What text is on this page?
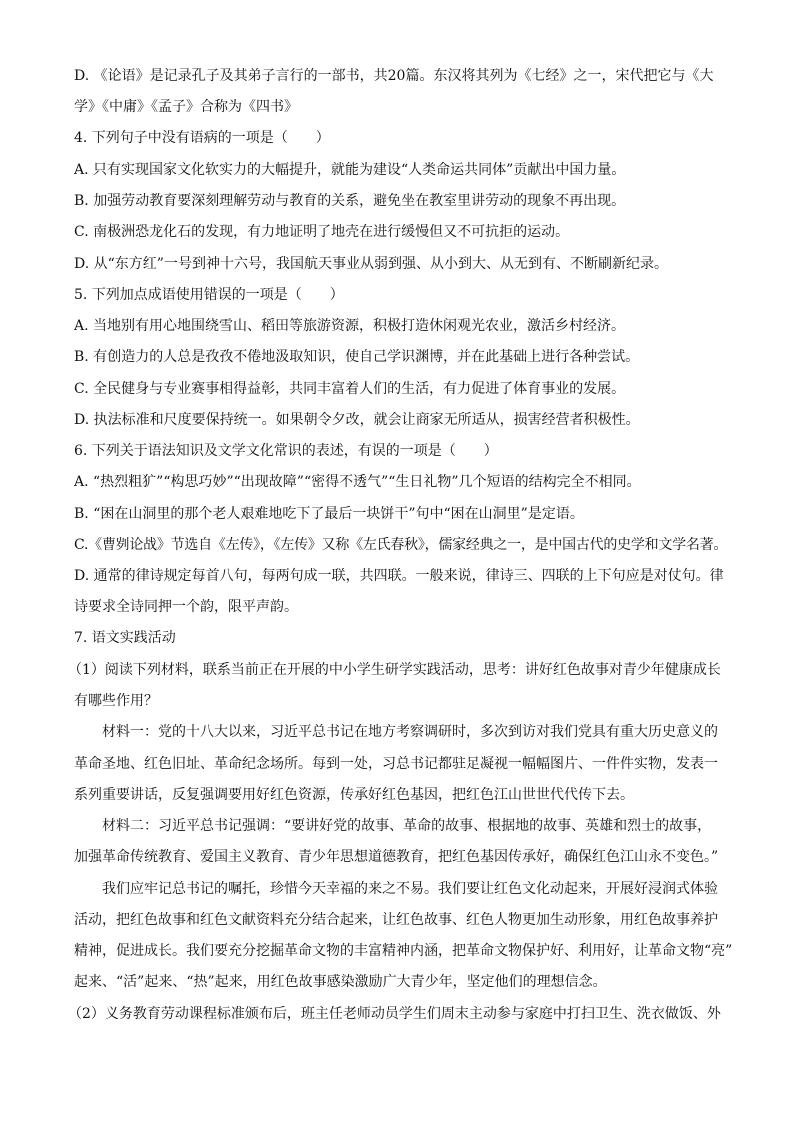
D. 《论语》是记录孔子及其弟子言行的一部书，共20篇。东汉将其列为《七经》之一，宋代把它与《大
学》《中庸》《孟子》合称为《四书》
4. 下列句子中没有语病的一项是（　　）
A. 只有实现国家文化软实力的大幅提升，就能为建设“人类命运共同体”贡献出中国力量。
B. 加强劳动教育要深刻理解劳动与教育的关系，避免坐在教室里讲劳动的现象不再出现。
C. 南极洲恐龙化石的发现，有力地证明了地壳在进行缓慢但又不可抗拒的运动。
D. 从“东方红”一号到神十六号，我国航天事业从弱到强、从小到大、从无到有、不断刷新纪录。
5. 下列加点成语使用错误的一项是（　　）
A. 当地别有用心地围绕雪山、稻田等旅游资源，积极打造休闲观光农业，激活乡村经济。
B. 有创造力的人总是孜孜不倦地汲取知识，使自己学识渊博，并在此基础上进行各种尝试。
C. 全民健身与专业赛事相得益彰，共同丰富着人们的生活，有力促进了体育事业的发展。
D. 执法标准和尺度要保持统一。如果朝令夕改，就会让商家无所适从，损害经营者积极性。
6. 下列关于语法知识及文学文化常识的表述，有误的一项是（　　）
A. “热烈粗犷”“构思巧妙”“出现故障”“密得不透气”“生日礼物”几个短语的结构完全不相同。
B. “困在山洞里的那个老人艰难地吃下了最后一块饼干”句中“困在山洞里”是定语。
C.《曹刿论战》节选自《左传》，《左传》又称《左氏春秋》，儒家经典之一，是中国古代的史学和文学名著。
D. 通常的律诗规定每首八句，每两句成一联，共四联。一般来说，律诗三、四联的上下句应是对仗句。律
诗要求全诗同押一个韵，限平声韵。
7. 语文实践活动
（1）阅读下列材料，联系当前正在开展的中小学生研学实践活动，思考：讲好红色故事对青少年健康成长
有哪些作用？
材料一：党的十八大以来，习近平总书记在地方考察调研时，多次到访对我们党具有重大历史意义的
革命圣地、红色旧址、革命纪念场所。每到一处，习总书记都驻足凝视一幅幅图片、一件件实物，发表一
系列重要讲话，反复强调要用好红色资源，传承好红色基因，把红色江山世世代代传下去。
材料二：习近平总书记强调：“要讲好党的故事、革命的故事、根据地的故事、英雄和烈士的故事，
加强革命传统教育、爱国主义教育、青少年思想道德教育，把红色基因传承好，确保红色江山永不变色。”
我们应牢记总书记的嘱托，珍惜今天幸福的来之不易。我们要让红色文化动起来，开展好浸润式体验
活动，把红色故事和红色文献资料充分结合起来，让红色故事、红色人物更加生动形象，用红色故事养护
精神，促进成长。我们要充分挖掘革命文物的丰富精神内涵，把革命文物保护好、利用好，让革命文物“亮”
起来、“活”起来、“热”起来，用红色故事感染激励广大青少年，坚定他们的理想信念。
（2）义务教育劳动课程标准颁布后，班主任老师动员学生们周末主动参与家庭中打扫卫生、洗衣做饭、外
